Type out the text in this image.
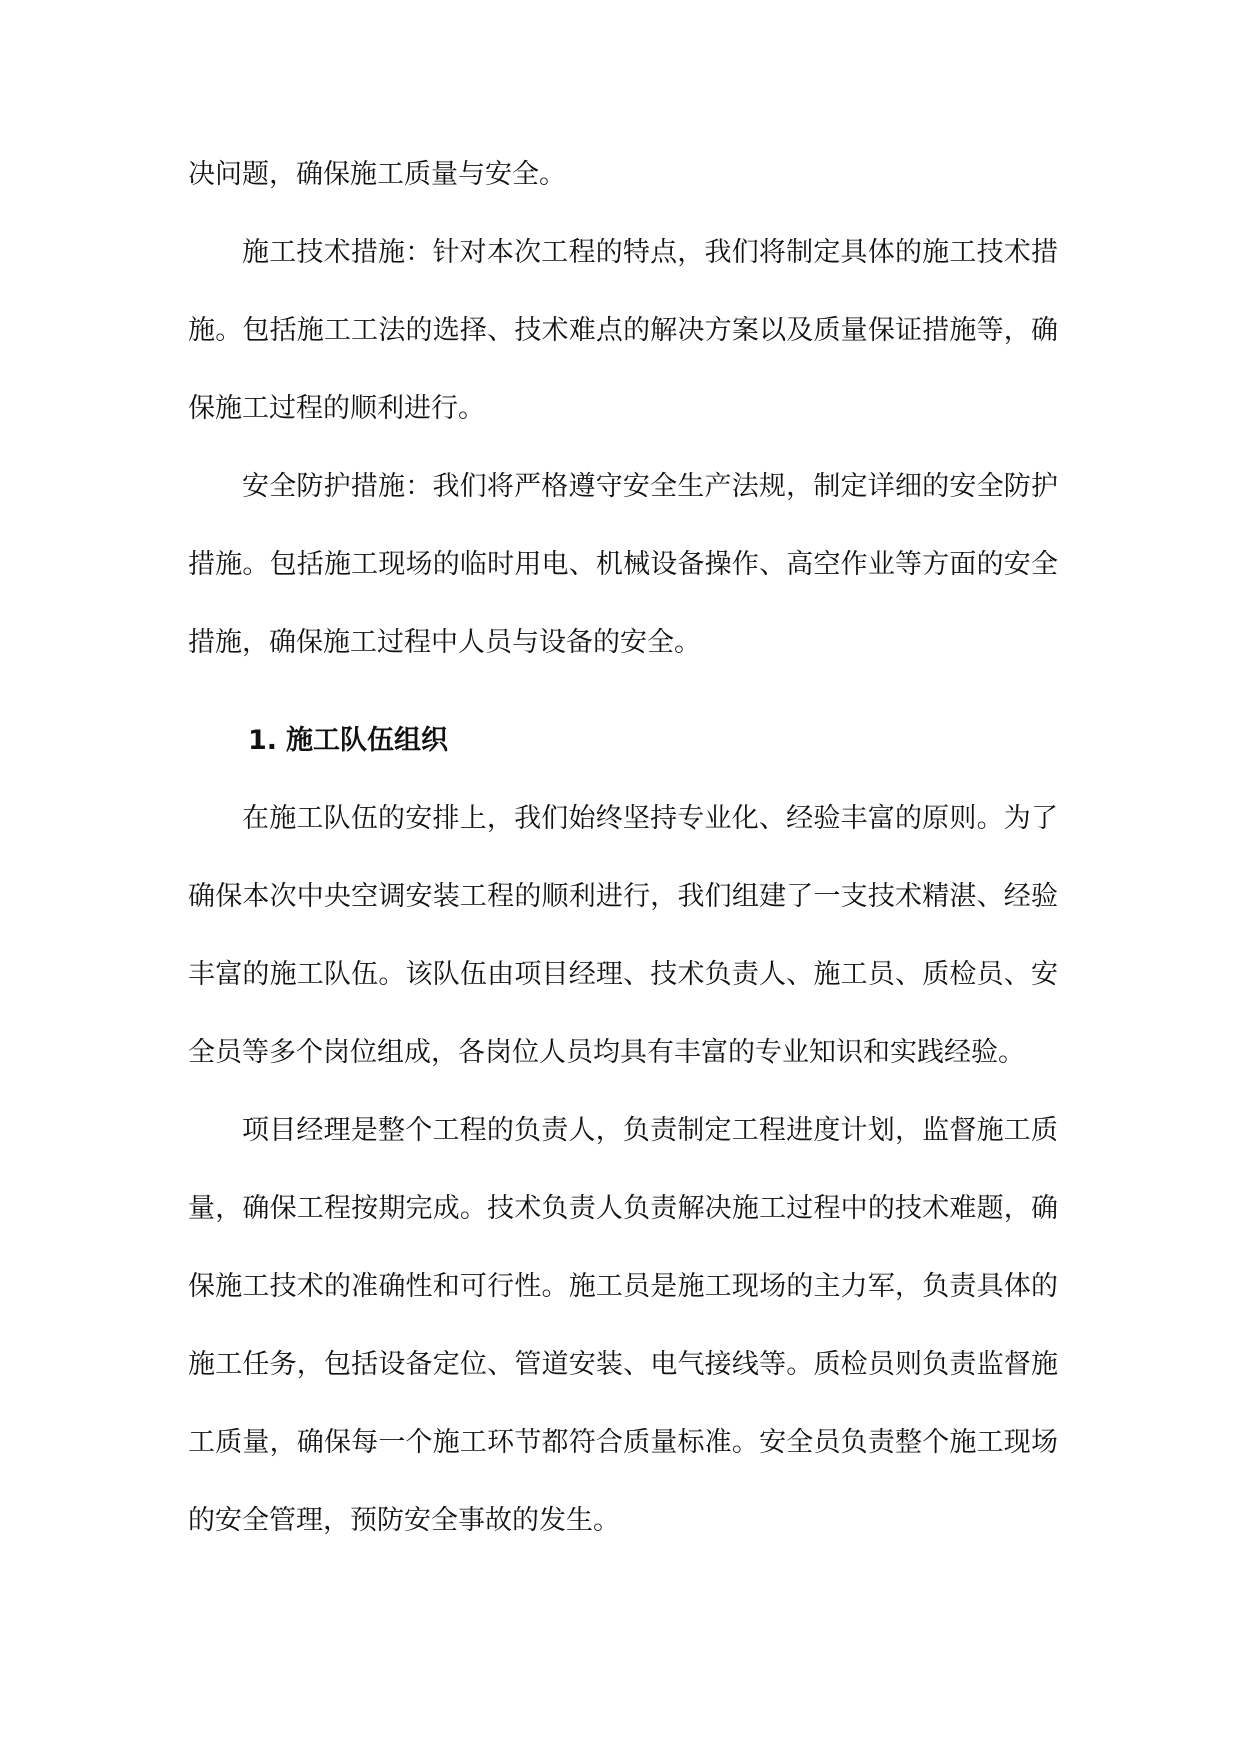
决问题，确保施工质量与安全。

施工技术措施：针对本次工程的特点，我们将制定具体的施工技术措施。包括施工工法的选择、技术难点的解决方案以及质量保证措施等，确保施工过程的顺利进行。

安全防护措施：我们将严格遵守安全生产法规，制定详细的安全防护措施。包括施工现场的临时用电、机械设备操作、高空作业等方面的安全措施，确保施工过程中人员与设备的安全。

1. 施工队伍组织

在施工队伍的安排上，我们始终坚持专业化、经验丰富的原则。为了确保本次中央空调安装工程的顺利进行，我们组建了一支技术精湛、经验丰富的施工队伍。该队伍由项目经理、技术负责人、施工员、质检员、安全员等多个岗位组成，各岗位人员均具有丰富的专业知识和实践经验。

项目经理是整个工程的负责人，负责制定工程进度计划，监督施工质量，确保工程按期完成。技术负责人负责解决施工过程中的技术难题，确保施工技术的准确性和可行性。施工员是施工现场的主力军，负责具体的施工任务，包括设备定位、管道安装、电气接线等。质检员则负责监督施工质量，确保每一个施工环节都符合质量标准。安全员负责整个施工现场的安全管理，预防安全事故的发生。
